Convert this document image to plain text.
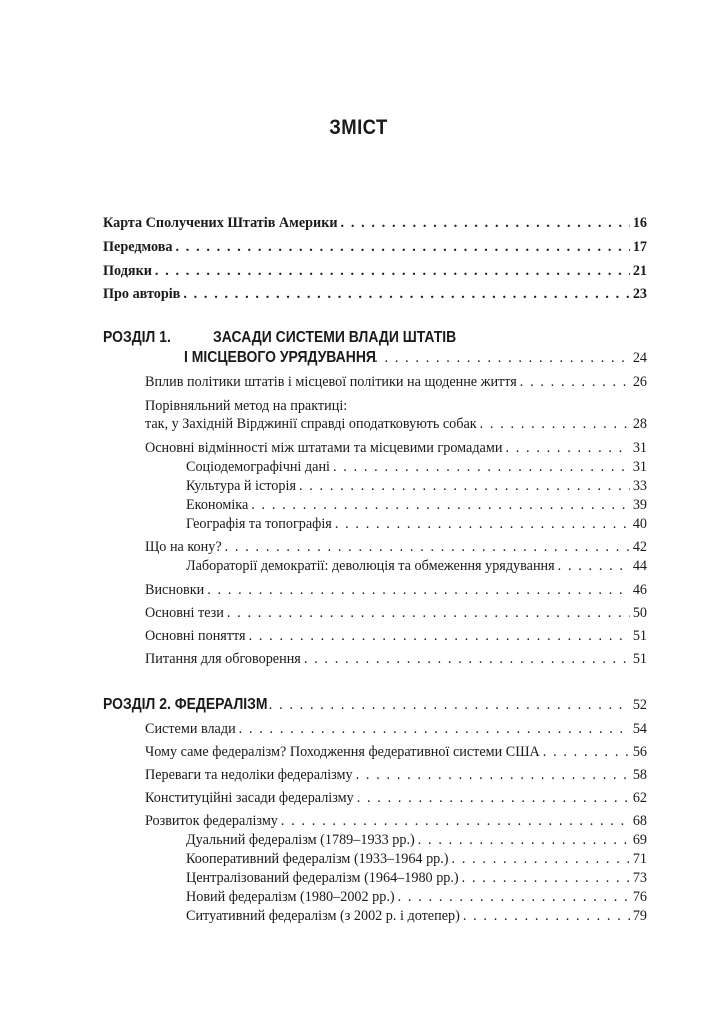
ЗМІСТ
Карта Сполучених Штатів Америки . . .	16
Передмова . . .	17
Подяки . . .	21
Про авторів . . .	23
РОЗДІЛ 1.	ЗАСАДИ СИСТЕМИ ВЛАДИ ШТАТІВ
І МІСЦЕВОГО УРЯДУВАННЯ . . .	24
Вплив політики штатів і місцевої політики на щоденне життя . . .	26
Порівняльний метод на практиці:
так, у Західній Вірджинії справді оподатковують собак . . .	28
Основні відмінності між штатами та місцевими громадами . . .	31
Соціодемографічні дані . . .	31
Культура й історія . . .	33
Економіка . . .	39
Географія та топографія . . .	40
Що на кону? . . .	42
Лабораторії демократії: деволюція та обмеження урядування . . .	44
Висновки . . .	46
Основні тези . . .	50
Основні поняття . . .	51
Питання для обговорення . . .	51
РОЗДІЛ 2. ФЕДЕРАЛІЗМ . . .	52
Системи влади . . .	54
Чому саме федералізм? Походження федеративної системи США . . .	56
Переваги та недоліки федералізму . . .	58
Конституційні засади федералізму . . .	62
Розвиток федералізму . . .	68
Дуальний федералізм (1789–1933 рр.) . . .	69
Кооперативний федералізм (1933–1964 рр.) . . .	71
Централізований федералізм (1964–1980 рр.) . . .	73
Новий федералізм (1980–2002 рр.) . . .	76
Ситуативний федералізм (з 2002 р. і дотепер) . . .	79
